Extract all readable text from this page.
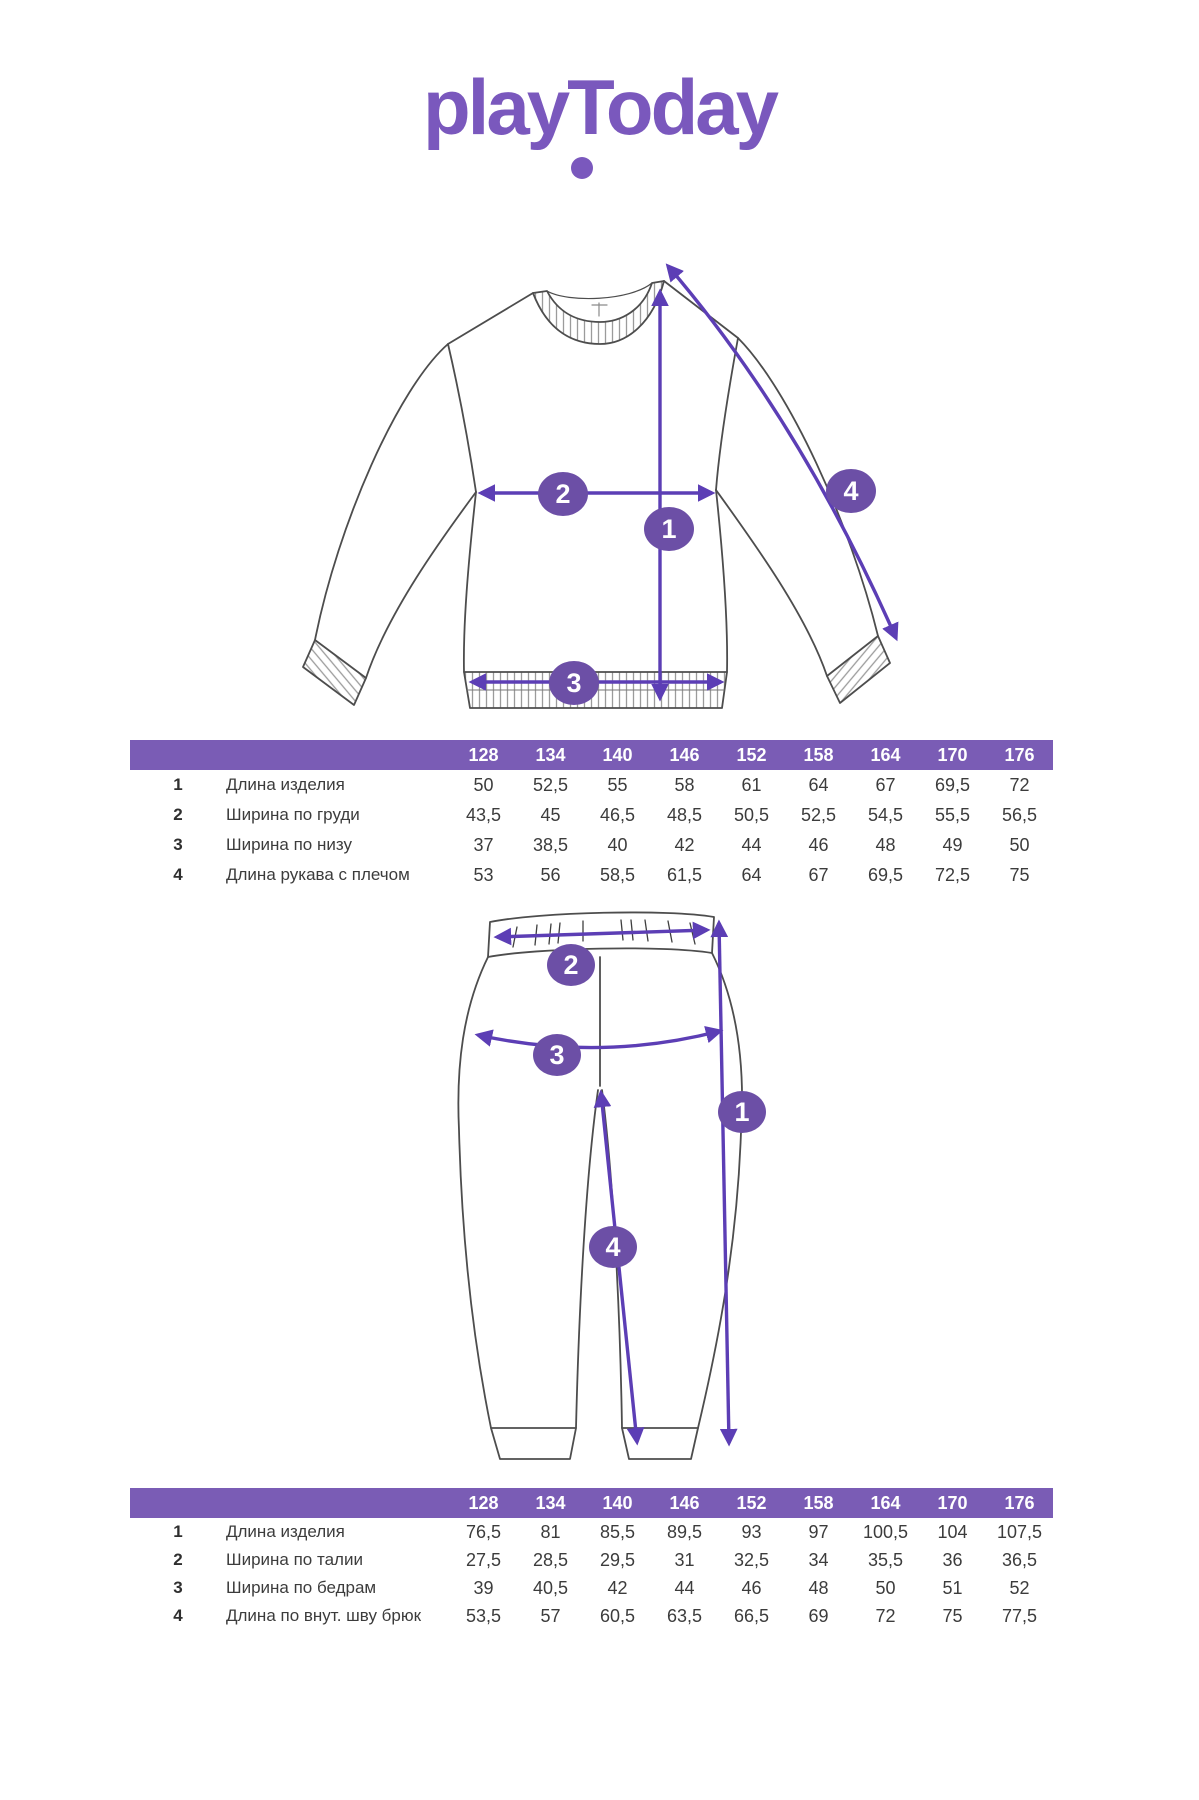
playToday
1
2
3
4
128	134	140	146	152	158	164	170	176
1	Длина изделия	50	52,5	55	58	61	64	67	69,5	72
2	Ширина по груди	43,5	45	46,5	48,5	50,5	52,5	54,5	55,5	56,5
3	Ширина по низу	37	38,5	40	42	44	46	48	49	50
4	Длина рукава с плечом	53	56	58,5	61,5	64	67	69,5	72,5	75
2
3
1
4
128	134	140	146	152	158	164	170	176
1	Длина изделия	76,5	81	85,5	89,5	93	97	100,5	104	107,5
2	Ширина по талии	27,5	28,5	29,5	31	32,5	34	35,5	36	36,5
3	Ширина по бедрам	39	40,5	42	44	46	48	50	51	52
4	Длина по внут. шву брюк	53,5	57	60,5	63,5	66,5	69	72	75	77,5
